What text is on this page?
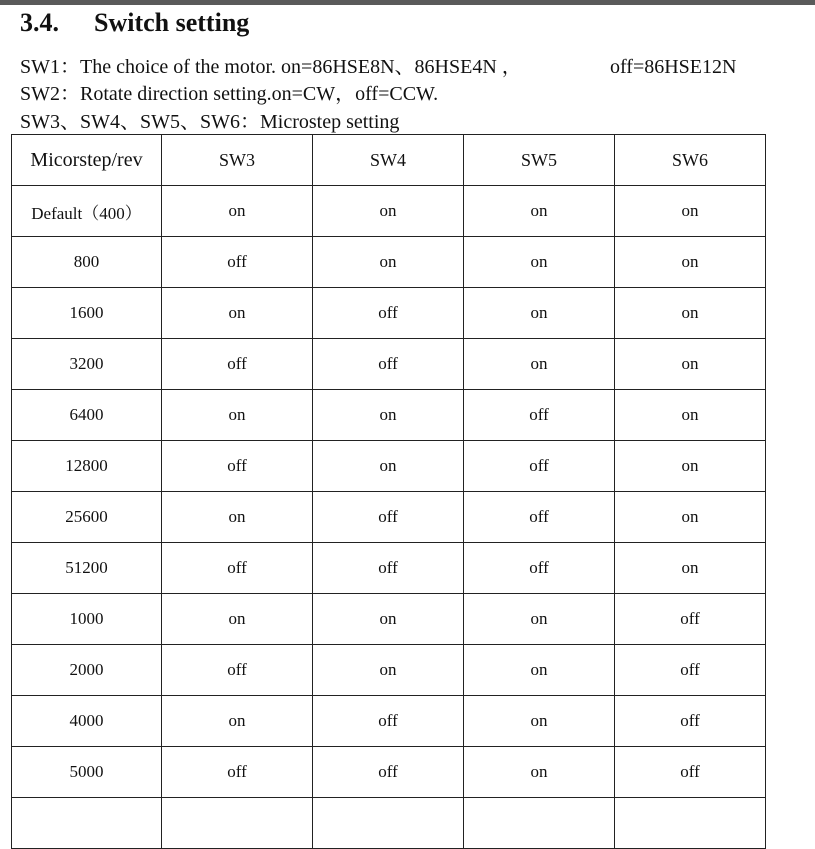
3.4. Switch setting
SW1：The choice of the motor. on=86HSE8N、86HSE4N ，	off=86HSE12N
SW2：Rotate direction setting.on=CW，off=CCW.
SW3、SW4、SW5、SW6：Microstep setting
Micorstep/rev	SW3	SW4	SW5	SW6
Default（400）	on	on	on	on
800	off	on	on	on
1600	on	off	on	on
3200	off	off	on	on
6400	on	on	off	on
12800	off	on	off	on
25600	on	off	off	on
51200	off	off	off	on
1000	on	on	on	off
2000	off	on	on	off
4000	on	off	on	off
5000	off	off	on	off
